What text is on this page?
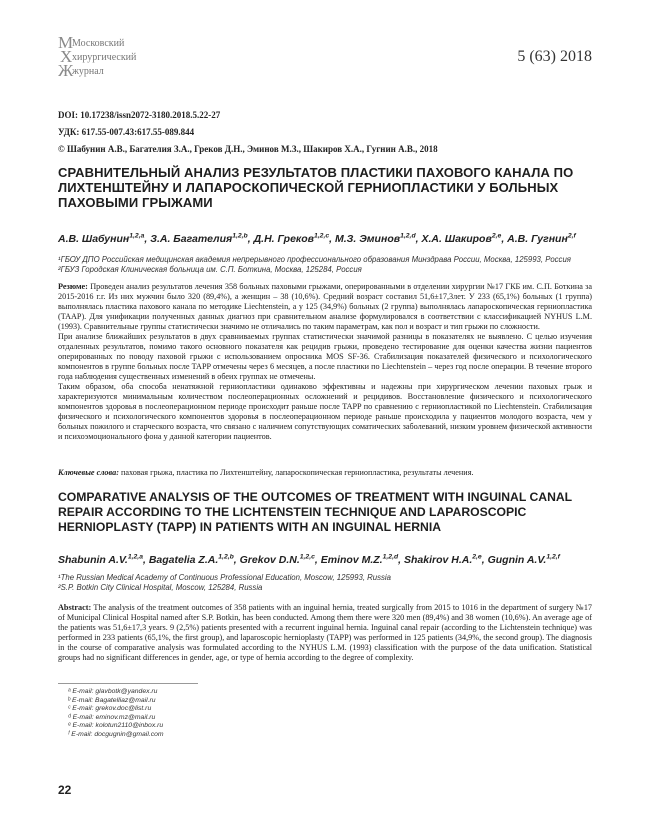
М
Х
Ж
Московский
хирургический
журнал
5 (63) 2018
DOI: 10.17238/issn2072-3180.2018.5.22-27
УДК: 617.55-007.43:617.55-089.844
© Шабунин А.В., Багателия З.А., Греков Д.Н., Эминов М.З., Шакиров Х.А., Гугнин А.В., 2018
СРАВНИТЕЛЬНЫЙ АНАЛИЗ РЕЗУЛЬТАТОВ ПЛАСТИКИ ПАХОВОГО КАНАЛА ПО ЛИХТЕНШТЕЙНУ И ЛАПАРОСКОПИЧЕСКОЙ ГЕРНИОПЛАСТИКИ У БОЛЬНЫХ ПАХОВЫМИ ГРЫЖАМИ
А.В. Шабунин$^{1,2,a}$, З.А. Багателия$^{1,2,b}$, Д.Н. Греков$^{1,2,c}$, М.З. Эминов$^{1,2,d}$, Х.А. Шакиров$^{2,e}$, А.В. Гугнин$^{2,f}$
¹ГБОУ ДПО Российская медицинская академия непрерывного профессионального образования Минздрава России, Москва, 125993, Россия
²ГБУЗ Городская Клиническая больница им. С.П. Боткина, Москва, 125284, Россия

Резюме: Проведен анализ результатов лечения 358 больных паховыми грыжами, оперированными в отделении хирургии №17 ГКБ им. С.П. Боткина за 2015-2016 г.г. Из них мужчин было 320 (89,4%), а женщин – 38 (10,6%). Средний возраст составил 51,6±17,3лет. У 233 (65,1%) больных (1 группа) выполнялась пластика пахового канала по методике Liechtenstein, а у 125 (34,9%) больных (2 группа) выполнялась лапароскопическая герниопластика (TAAP). Для унификации полученных данных диагноз при сравнительном анализе формулировался в соответствии с классификацией NYHUS L.M. (1993). Сравнительные группы статистически значимо не отличались по таким параметрам, как пол и возраст и тип грыжи по сложности.

При анализе ближайших результатов в двух сравниваемых группах статистически значимой разницы в показателях не выявлено. С целью изучения отдаленных результатов, помимо такого основного показателя как рецидив грыжи, проведено тестирование для оценки качества жизни пациентов оперированных по поводу паховой грыжи с использованием опросника MOS SF-36. Стабилизация показателей физического и психологического компонентов в группе больных после TAPP отмечены через 6 месяцев, а после пластики по Liechtenstein – через год после операции. В течение второго года наблюдения существенных изменений в обеих группах не отмечены.

Таким образом, оба способа ненатяжной герниопластики одинаково эффективны и надежны при хирургическом лечении паховых грыж и характеризуются минимальным количеством послеоперационных осложнений и рецидивов. Восстановление физического и психологического компонентов здоровья в послеоперационном периоде происходит раньше после TAPP по сравнению с герниопластикой по Liechtenstein. Стабилизация физического и психологического компонентов здоровья в послеоперационном периоде раньше происходила у пациентов молодого возраста, чем у больных пожилого и старческого возраста, что связано с наличием сопутствующих соматических заболеваний, низким уровнем физической активности и психоэмоционального фона у данной категории пациентов.

Ключевые слова: паховая грыжа, пластика по Лихтенштейну, лапароскопическая герниопластика, результаты лечения.
COMPARATIVE ANALYSIS OF THE OUTCOMES OF TREATMENT WITH INGUINAL CANAL REPAIR ACCORDING TO THE LICHTENSTEIN TECHNIQUE AND LAPAROSCOPIC HERNIOPLASTY (TAPP) IN PATIENTS WITH AN INGUINAL HERNIA
Shabunin A.V.$^{1,2,a}$, Bagatelia Z.A.$^{1,2,b}$, Grekov D.N.$^{1,2,c}$, Eminov M.Z.$^{1,2,d}$, Shakirov H.A.$^{2,e}$, Gugnin A.V.$^{1,2,f}$
¹The Russian Medical Academy of Continuous Professional Education, Moscow, 125993, Russia
²S.P. Botkin City Clinical Hospital, Moscow, 125284, Russia
Abstract: The analysis of the treatment outcomes of 358 patients with an inguinal hernia, treated surgically from 2015 to 1016 in the department of surgery №17 of Municipal Clinical Hospital named after S.P. Botkin, has been conducted. Among them there were 320 men (89,4%) and 38 women (10,6%). An average age of the patients was 51,6±17,3 years. 9 (2,5%) patients presented with a recurrent inguinal hernia. Inguinal canal repair (according to the Lichtenstein technique) was performed in 233 patients (65,1%, the first group), and laparoscopic hernioplasty (TAPP) was performed in 125 patients (34,9%, the second group). The diagnosis in the course of comparative analysis was formulated according to the NYHUS L.M. (1993) classification with the purpose of the data unification. Statistical groups had no significant differences in gender, age, or type of hernia according to the degree of complexity.
ᵃ E-mail: glavbotk@yandex.ru
ᵇ E-mail: Bagatelliaz@mail.ru
ᶜ E-mail: grekov.doc@list.ru
ᵈ E-mail: eminov.mz@mail.ru
ᵉ E-mail: kolotun2110@inbox.ru
ᶠ E-mail: docgugnin@gmail.com
22
